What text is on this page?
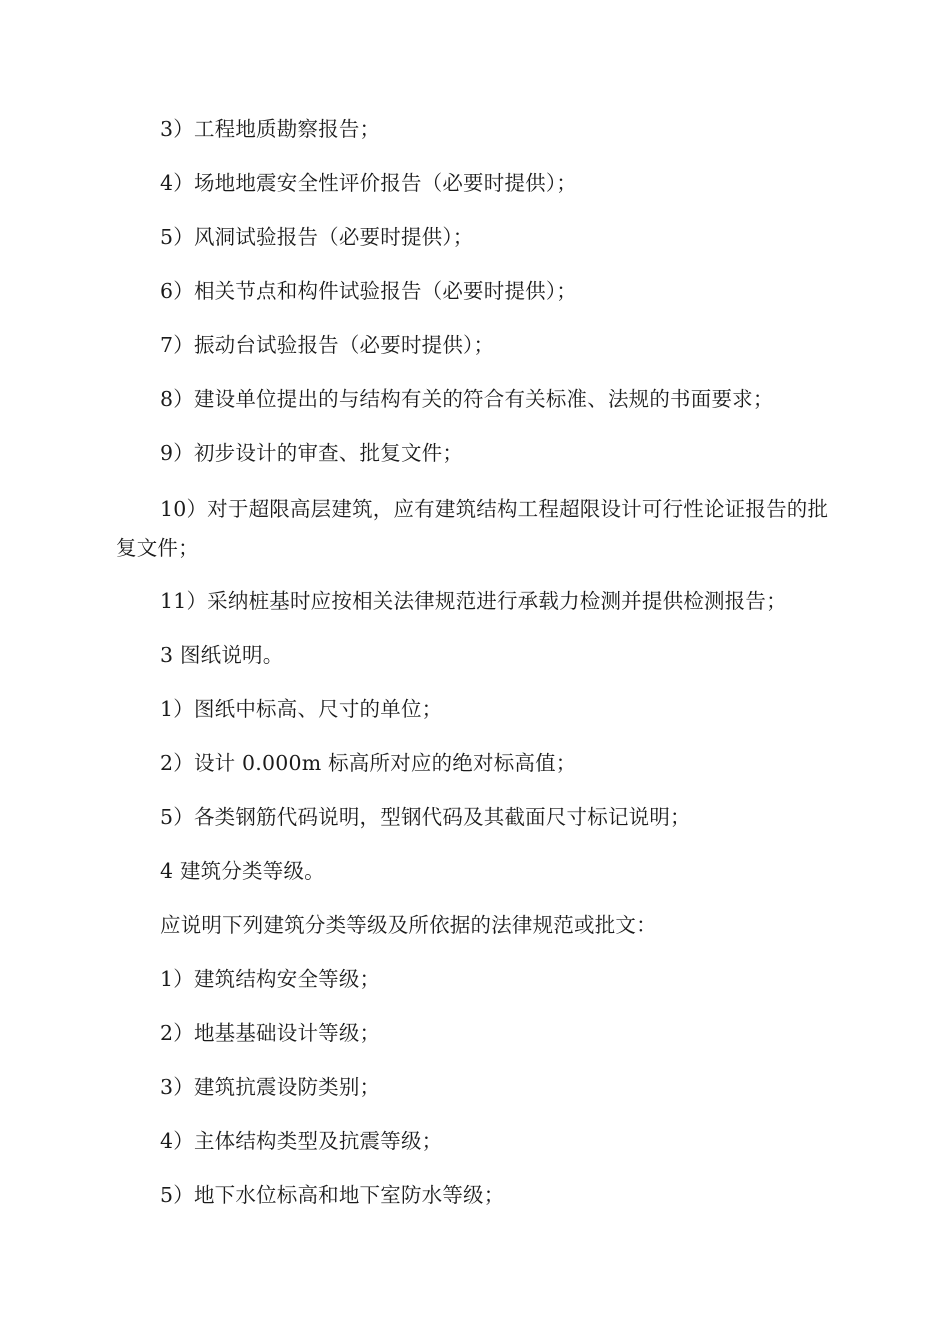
3）工程地质勘察报告；
4）场地地震安全性评价报告（必要时提供）；
5）风洞试验报告（必要时提供）；
6）相关节点和构件试验报告（必要时提供）；
7）振动台试验报告（必要时提供）；
8）建设单位提出的与结构有关的符合有关标准、法规的书面要求；
9）初步设计的审查、批复文件；
10）对于超限高层建筑，应有建筑结构工程超限设计可行性论证报告的批复文件；
11）采纳桩基时应按相关法律规范进行承载力检测并提供检测报告；
3 图纸说明。
1）图纸中标高、尺寸的单位；
2）设计 0.000m 标高所对应的绝对标高值；
5）各类钢筋代码说明，型钢代码及其截面尺寸标记说明；
4 建筑分类等级。
应说明下列建筑分类等级及所依据的法律规范或批文：
1）建筑结构安全等级；
2）地基基础设计等级；
3）建筑抗震设防类别；
4）主体结构类型及抗震等级；
5）地下水位标高和地下室防水等级；
